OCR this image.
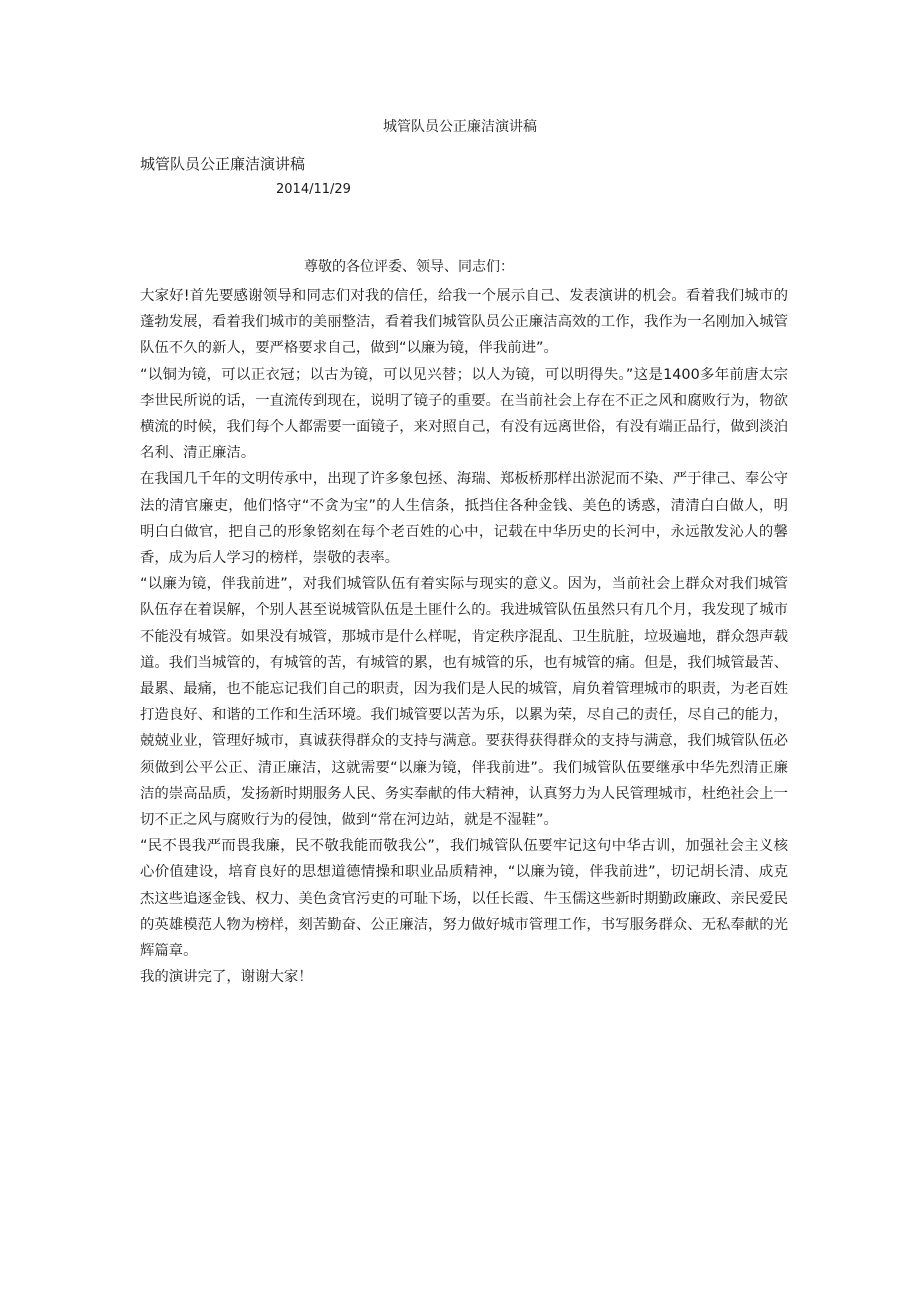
城管队员公正廉洁演讲稿
城管队员公正廉洁演讲稿
2014/11/29
尊敬的各位评委、领导、同志们：

大家好!首先要感谢领导和同志们对我的信任，给我一个展示自己、发表演讲的机会。看着我们城市的蓬勃发展，看着我们城市的美丽整洁，看着我们城管队员公正廉洁高效的工作，我作为一名刚加入城管队伍不久的新人，要严格要求自己，做到“以廉为镜，伴我前进”。

“以铜为镜，可以正衣冠；以古为镜，可以见兴替；以人为镜，可以明得失。”这是1400多年前唐太宗李世民所说的话，一直流传到现在，说明了镜子的重要。在当前社会上存在不正之风和腐败行为，物欲横流的时候，我们每个人都需要一面镜子，来对照自己，有没有远离世俗，有没有端正品行，做到淡泊名利、清正廉洁。

在我国几千年的文明传承中，出现了许多象包拯、海瑞、郑板桥那样出淤泥而不染、严于律己、奉公守法的清官廉吏，他们恪守“不贪为宝”的人生信条，抵挡住各种金钱、美色的诱惑，清清白白做人，明明白白做官，把自己的形象铭刻在每个老百姓的心中，记载在中华历史的长河中，永远散发沁人的馨香，成为后人学习的榜样，崇敬的表率。

“以廉为镜，伴我前进”，对我们城管队伍有着实际与现实的意义。因为，当前社会上群众对我们城管队伍存在着误解，个别人甚至说城管队伍是土匪什么的。我进城管队伍虽然只有几个月，我发现了城市不能没有城管。如果没有城管，那城市是什么样呢，肯定秩序混乱、卫生肮脏，垃圾遍地，群众怨声载道。我们当城管的，有城管的苦，有城管的累，也有城管的乐，也有城管的痛。但是，我们城管最苦、最累、最痛，也不能忘记我们自己的职责，因为我们是人民的城管，肩负着管理城市的职责，为老百姓打造良好、和谐的工作和生活环境。我们城管要以苦为乐，以累为荣，尽自己的责任，尽自己的能力，兢兢业业，管理好城市，真诚获得群众的支持与满意。要获得获得群众的支持与满意，我们城管队伍必须做到公平公正、清正廉洁，这就需要“以廉为镜，伴我前进”。我们城管队伍要继承中华先烈清正廉洁的崇高品质，发扬新时期服务人民、务实奉献的伟大精神，认真努力为人民管理城市，杜绝社会上一切不正之风与腐败行为的侵蚀，做到“常在河边站，就是不湿鞋”。

“民不畏我严而畏我廉，民不敬我能而敬我公”，我们城管队伍要牢记这句中华古训，加强社会主义核心价值建设，培育良好的思想道德情操和职业品质精神，“以廉为镜，伴我前进”，切记胡长清、成克杰这些追逐金钱、权力、美色贪官污吏的可耻下场，以任长霞、牛玉儒这些新时期勤政廉政、亲民爱民的英雄模范人物为榜样，刻苦勤奋、公正廉洁，努力做好城市管理工作，书写服务群众、无私奉献的光辉篇章。

我的演讲完了，谢谢大家！
